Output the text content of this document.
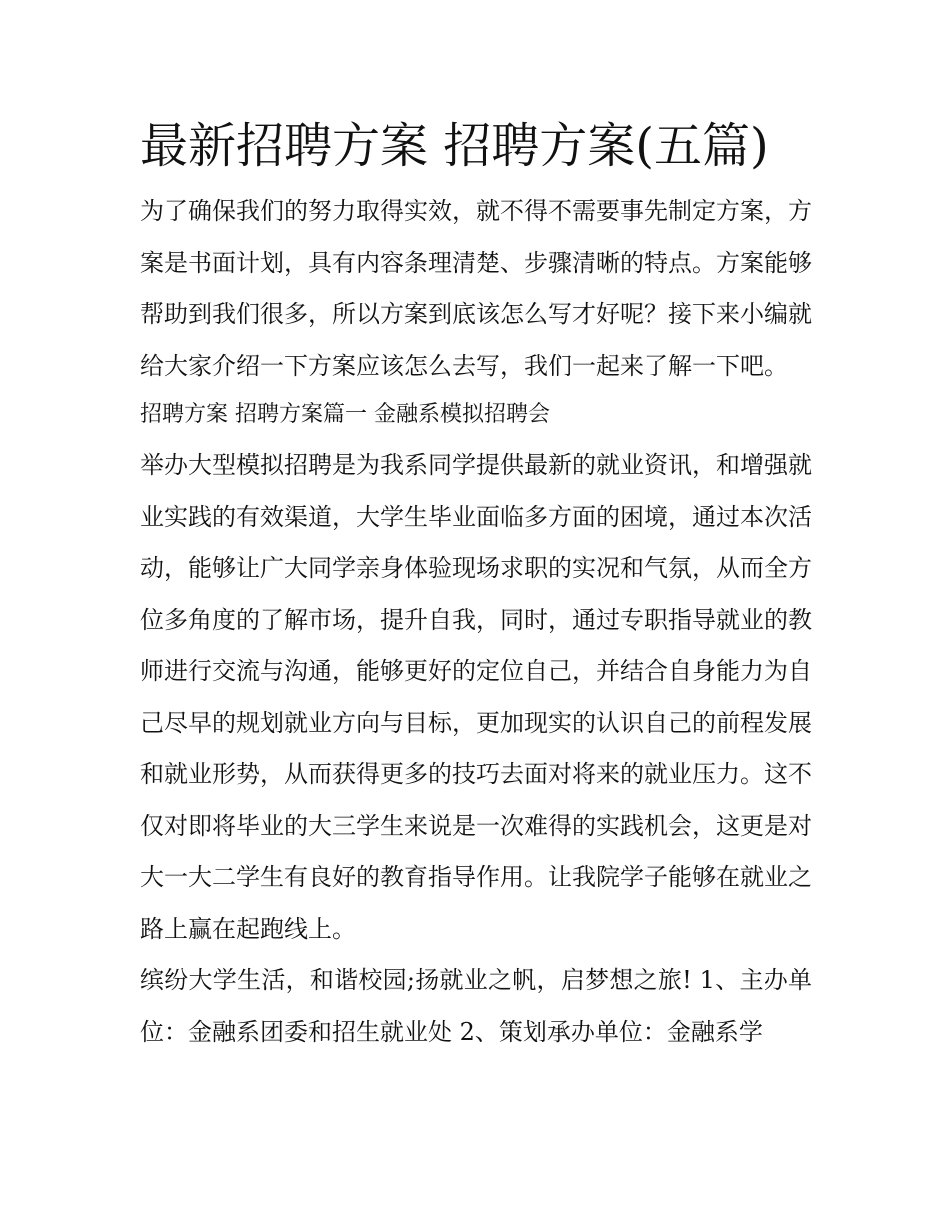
最新招聘方案 招聘方案(五篇)

为了确保我们的努力取得实效，就不得不需要事先制定方案，方案是书面计划，具有内容条理清楚、步骤清晰的特点。方案能够帮助到我们很多，所以方案到底该怎么写才好呢？接下来小编就给大家介绍一下方案应该怎么去写，我们一起来了解一下吧。

招聘方案 招聘方案篇一 金融系模拟招聘会

举办大型模拟招聘是为我系同学提供最新的就业资讯，和增强就业实践的有效渠道，大学生毕业面临多方面的困境，通过本次活动，能够让广大同学亲身体验现场求职的实况和气氛，从而全方位多角度的了解市场，提升自我，同时，通过专职指导就业的教师进行交流与沟通，能够更好的定位自己，并结合自身能力为自己尽早的规划就业方向与目标，更加现实的认识自己的前程发展和就业形势，从而获得更多的技巧去面对将来的就业压力。这不仅对即将毕业的大三学生来说是一次难得的实践机会，这更是对大一大二学生有良好的教育指导作用。让我院学子能够在就业之路上赢在起跑线上。

缤纷大学生活，和谐校园;扬就业之帆，启梦想之旅! 1、主办单位：金融系团委和招生就业处 2、策划承办单位：金融系学
